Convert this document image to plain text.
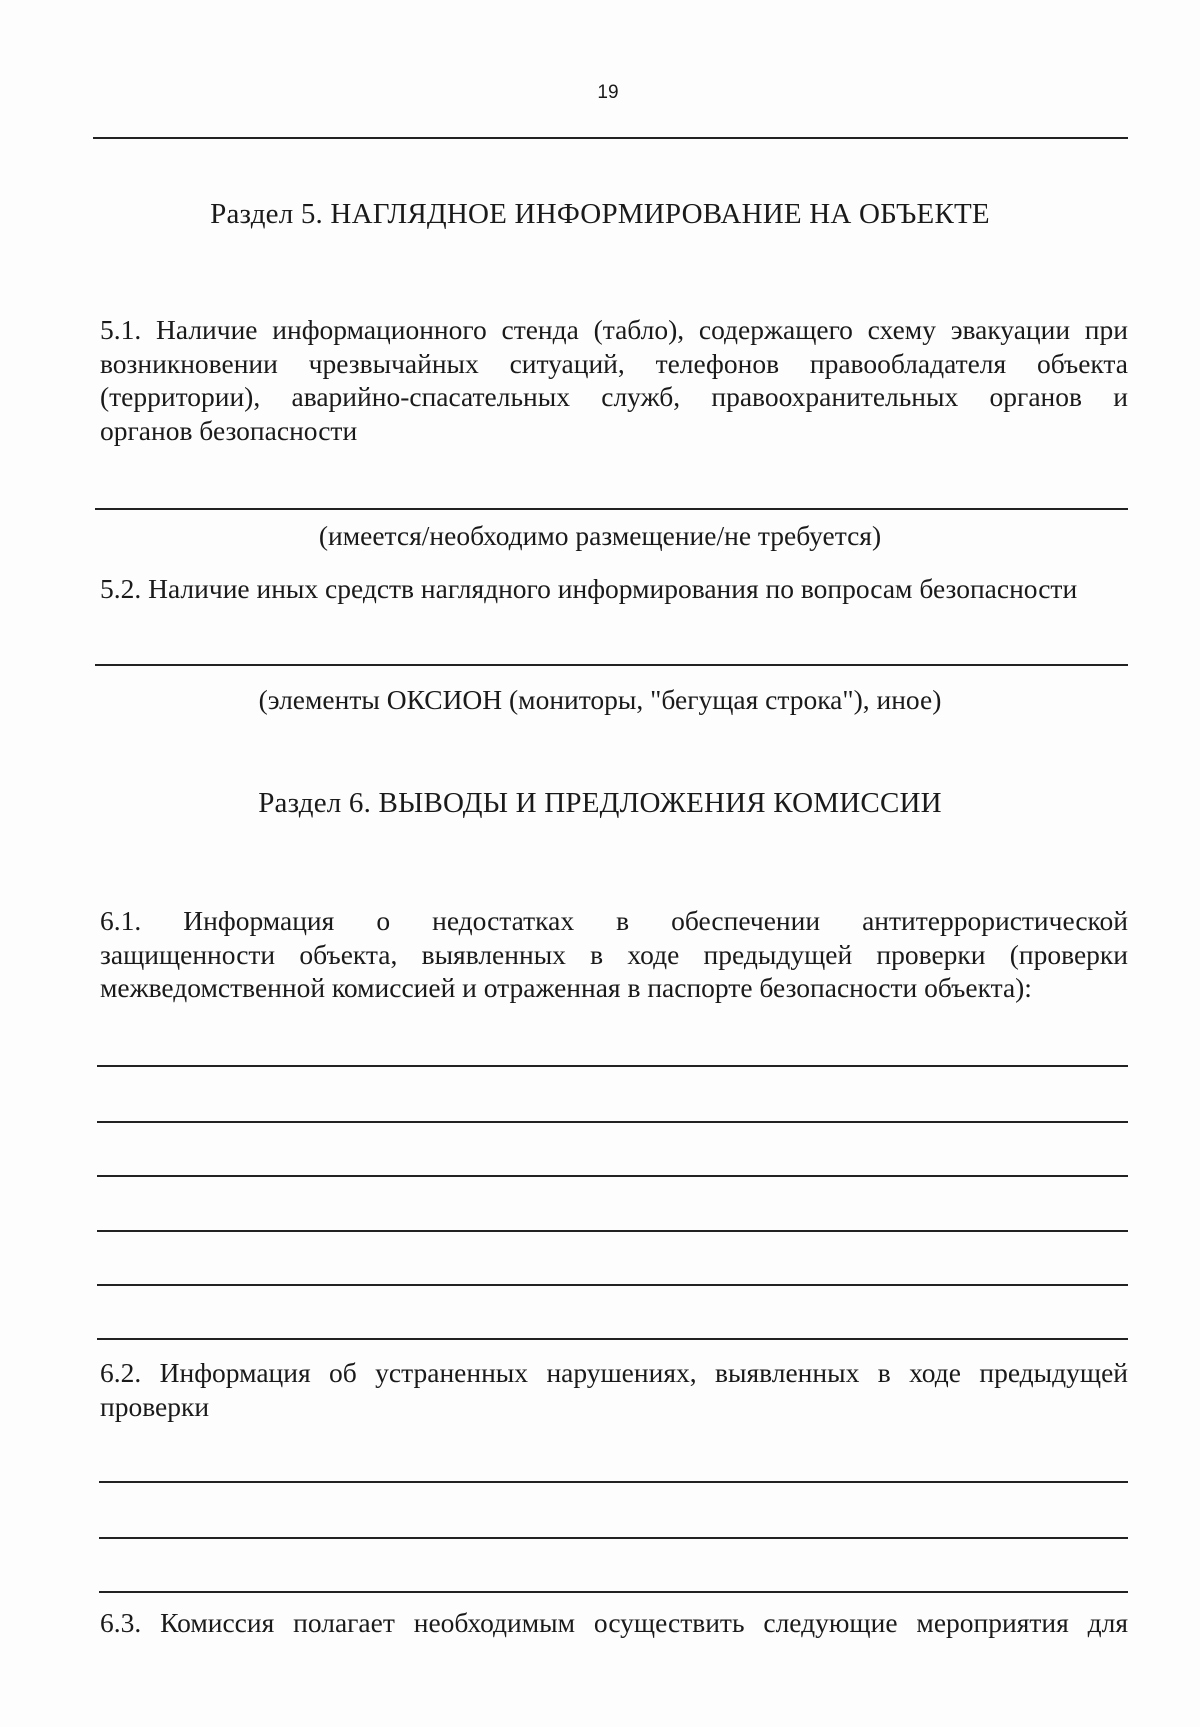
19
Раздел 5. НАГЛЯДНОЕ ИНФОРМИРОВАНИЕ НА ОБЪЕКТЕ
5.1. Наличие информационного стенда (табло), содержащего схему эвакуации при
возникновении чрезвычайных ситуаций, телефонов правообладателя объекта
(территории), аварийно-спасательных служб, правоохранительных органов и
органов безопасности
(имеется/необходимо размещение/не требуется)
5.2. Наличие иных средств наглядного информирования по вопросам безопасности
(элементы ОКСИОН (мониторы, "бегущая строка"), иное)
Раздел 6. ВЫВОДЫ И ПРЕДЛОЖЕНИЯ КОМИССИИ
6.1. Информация о недостатках в обеспечении антитеррористической
защищенности объекта, выявленных в ходе предыдущей проверки (проверки
межведомственной комиссией и отраженная в паспорте безопасности объекта):
6.2. Информация об устраненных нарушениях, выявленных в ходе предыдущей
проверки
6.3. Комиссия полагает необходимым осуществить следующие мероприятия для
